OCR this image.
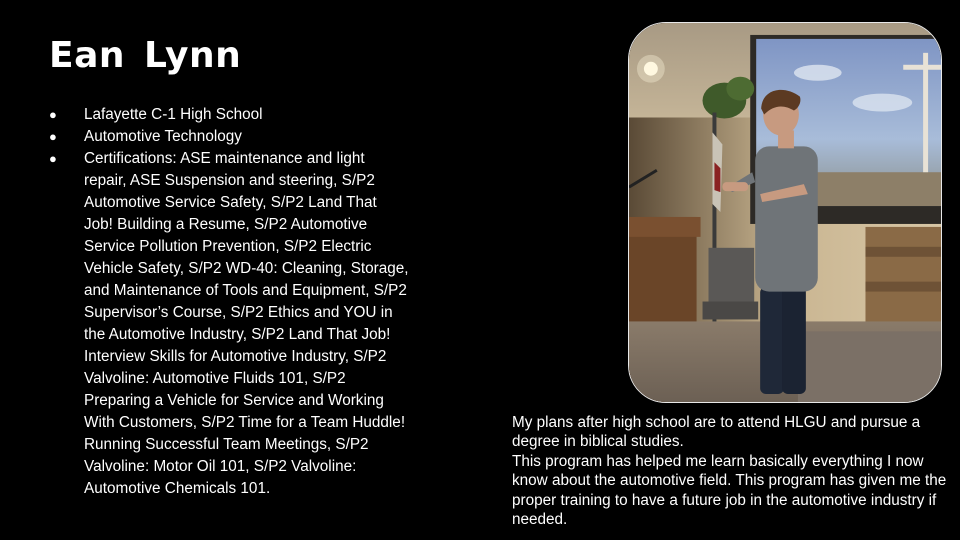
Ean Lynn
● Lafayette C-1 High School
● Automotive Technology
● Certifications: ASE maintenance and light repair, ASE Suspension and steering, S/P2 Automotive Service Safety, S/P2 Land That Job! Building a Resume, S/P2 Automotive Service Pollution Prevention, S/P2 Electric Vehicle Safety, S/P2 WD-40: Cleaning, Storage, and Maintenance of Tools and Equipment, S/P2 Supervisor’s Course, S/P2 Ethics and YOU in the Automotive Industry, S/P2 Land That Job! Interview Skills for Automotive Industry, S/P2 Valvoline: Automotive Fluids 101, S/P2 Preparing a Vehicle for Service and Working With Customers, S/P2 Time for a Team Huddle! Running Successful Team Meetings, S/P2 Valvoline: Motor Oil 101, S/P2 Valvoline: Automotive Chemicals 101.

My plans after high school are to attend HLGU and pursue a degree in biblical studies.

This program has helped me learn basically everything I now know about the automotive field. This program has given me the proper training to have a future job in the automotive industry if needed.
